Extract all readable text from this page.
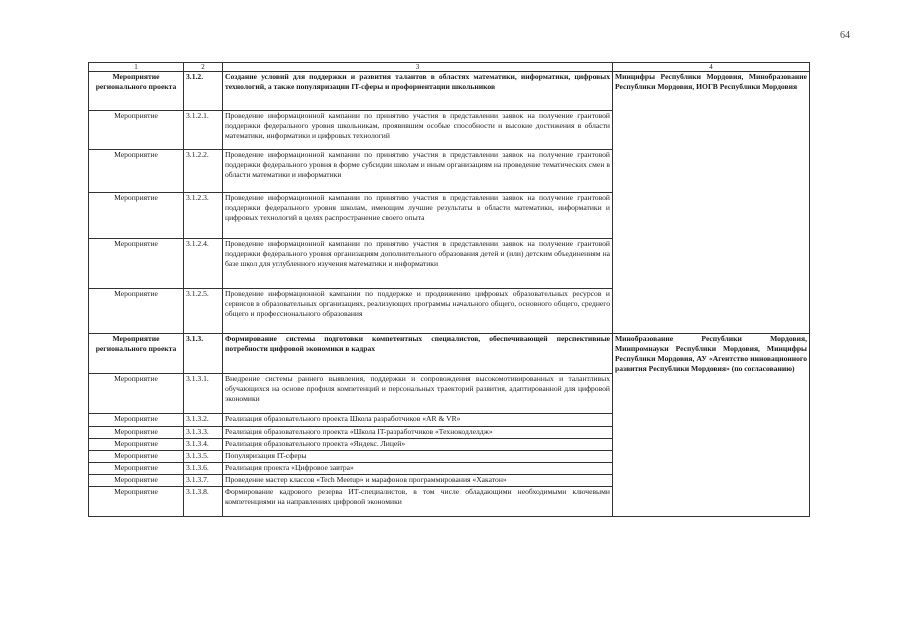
64
1	2	3	4
Мероприятие регионального проекта	3.1.2.	Создание условий для поддержки и развития талантов в областях математики, информатики, цифровых технологий, а также популяризации IT-сферы и профориентации школьников	Минцифры Республики Мордовия, Минобразование Республики Мордовия, ИОГВ Республики Мордовия
Мероприятие	3.1.2.1.	Проведение информационной кампании по принятию участия в представлении заявок на получение грантовой поддержки федерального уровня школьникам, проявившим особые способности и высокие достижения в области математики, информатики и цифровых технологий	
Мероприятие	3.1.2.2.	Проведение информационной кампании по принятию участия в представлении заявок на получение грантовой поддержки федерального уровня в форме субсидии школам и иным организациям на проведение тематических смен в области математики и информатики	
Мероприятие	3.1.2.3.	Проведение информационной кампании по принятию участия в представлении заявок на получение грантовой поддержки федерального уровня школам, имеющим лучшие результаты в области математики, информатики и цифровых технологий в целях распространение своего опыта	
Мероприятие	3.1.2.4.	Проведение информационной кампании по принятию участия в представлении заявок на получение грантовой поддержки федерального уровня организациям дополнительного образования детей и (или) детским объединениям на базе школ для углубленного изучения математики и информатики	
Мероприятие	3.1.2.5.	Проведение информационной кампании по поддержке и продвижению цифровых образовательных ресурсов и сервисов в образовательных организациях, реализующих программы начального общего, основного общего, среднего общего и профессионального образования	
Мероприятие регионального проекта	3.1.3.	Формирование системы подготовки компетентных специалистов, обеспечивающей перспективные потребности цифровой экономики в кадрах	Минобразование Республики Мордовия, Минпромнауки Республики Мордовия, Минцифры Республики Мордовия, АУ «Агентство инновационного развития Республики Мордовия» (по согласованию)
Мероприятие	3.1.3.1.	Внедрение системы раннего выявления, поддержки и сопровождения высокомотивированных и талантливых обучающихся на основе профиля компетенций и персональных траекторий развития, адаптированной для цифровой экономики	
Мероприятие	3.1.3.2.	Реализация образовательного проекта Школа разработчиков «AR & VR»	
Мероприятие	3.1.3.3.	Реализация образовательного проекта «Школа IT-разработчиков «Технокодлелдж»	
Мероприятие	3.1.3.4.	Реализация образовательного проекта «Яндекс. Лицей»	
Мероприятие	3.1.3.5.	Популяризация IT-сферы	
Мероприятие	3.1.3.6.	Реализация проекта «Цифровое завтра»	
Мероприятие	3.1.3.7.	Проведение мастер классов «Tech Meetup» и марафонов программирования «Хакатон»	
Мероприятие	3.1.3.8.	Формирование кадрового резерва ИТ-специалистов, в том числе обладающими необходимыми ключевыми компетенциями на направлениях цифровой экономики	
